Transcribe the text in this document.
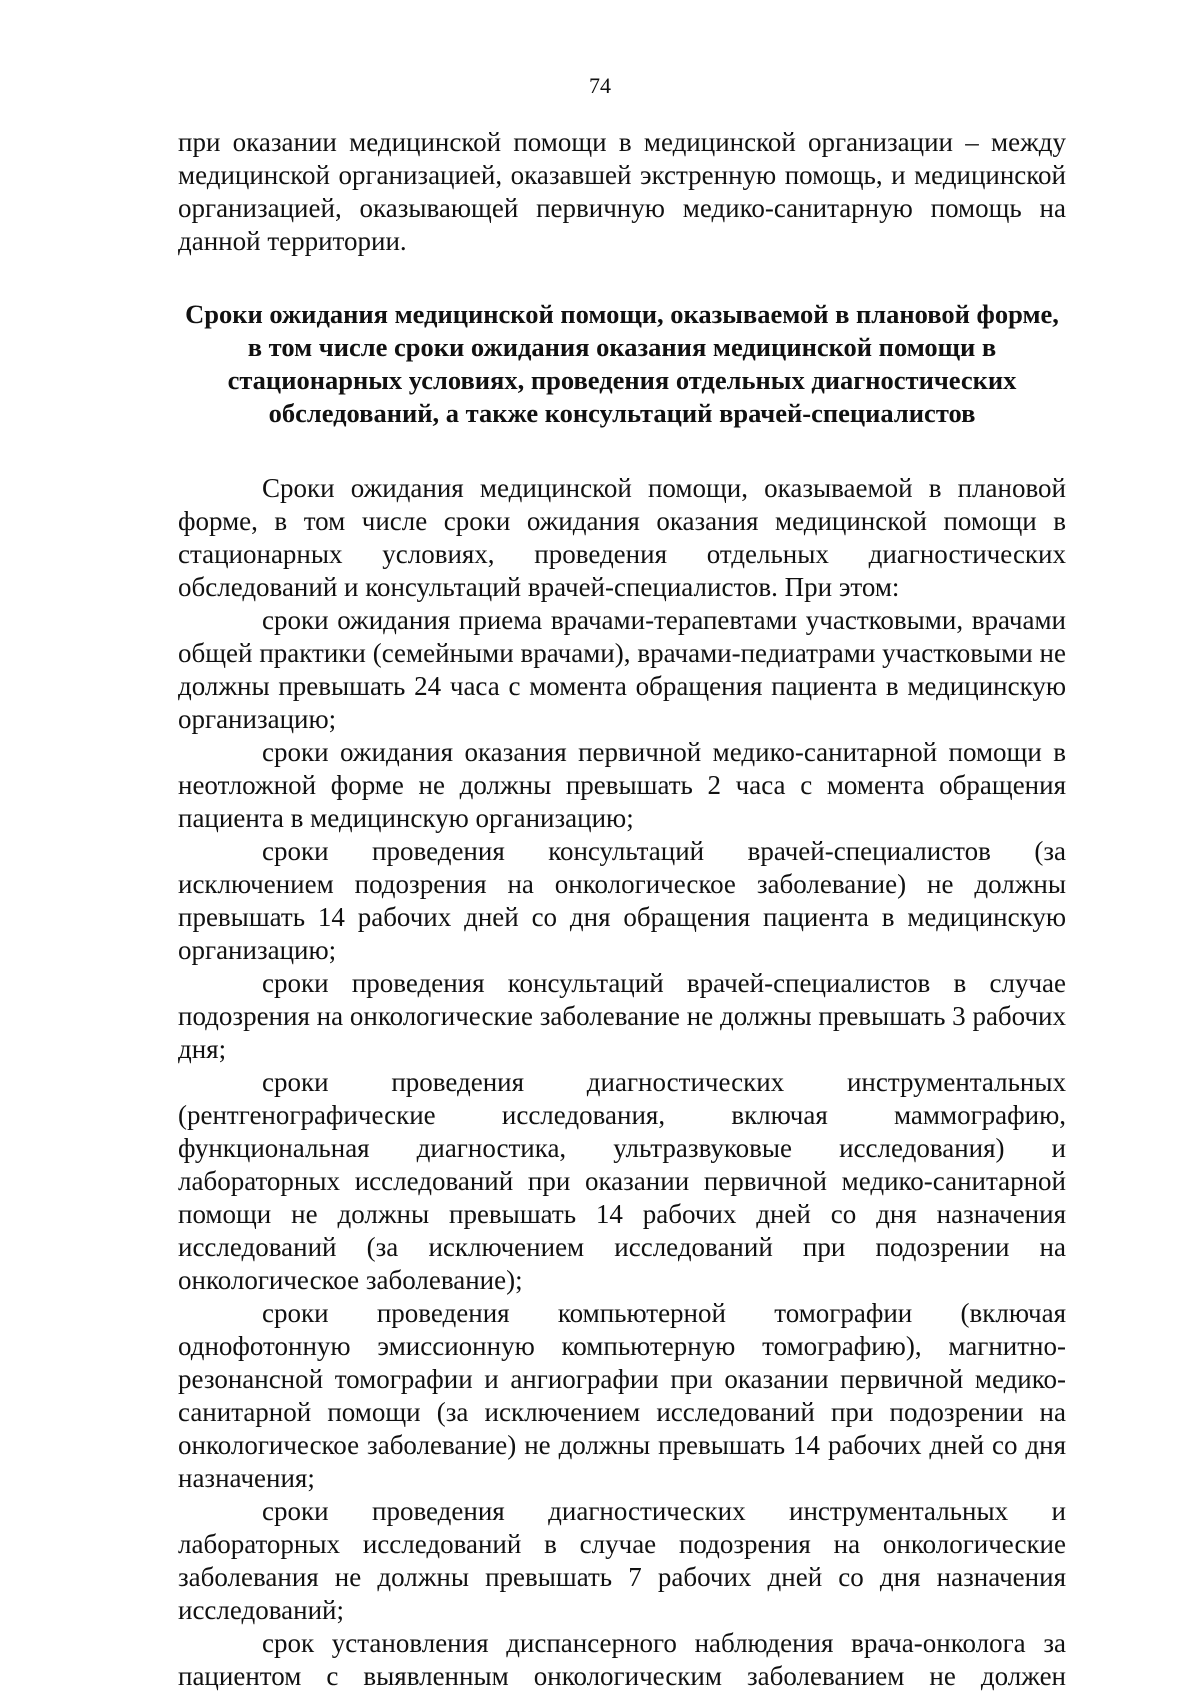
74

при оказании медицинской помощи в медицинской организации – между медицинской организацией, оказавшей экстренную помощь, и медицинской организацией, оказывающей первичную медико-санитарную помощь на данной территории.

Сроки ожидания медицинской помощи, оказываемой в плановой форме, в том числе сроки ожидания оказания медицинской помощи в стационарных условиях, проведения отдельных диагностических обследований, а также консультаций врачей-специалистов

Сроки ожидания медицинской помощи, оказываемой в плановой форме, в том числе сроки ожидания оказания медицинской помощи в стационарных условиях, проведения отдельных диагностических обследований и консультаций врачей-специалистов. При этом:

сроки ожидания приема врачами-терапевтами участковыми, врачами общей практики (семейными врачами), врачами-педиатрами участковыми не должны превышать 24 часа с момента обращения пациента в медицинскую организацию;

сроки ожидания оказания первичной медико-санитарной помощи в неотложной форме не должны превышать 2 часа с момента обращения пациента в медицинскую организацию;

сроки проведения консультаций врачей-специалистов (за исключением подозрения на онкологическое заболевание) не должны превышать 14 рабочих дней со дня обращения пациента в медицинскую организацию;

сроки проведения консультаций врачей-специалистов в случае подозрения на онкологические заболевание не должны превышать 3 рабочих дня;

сроки проведения диагностических инструментальных (рентгенографические исследования, включая маммографию, функциональная диагностика, ультразвуковые исследования) и лабораторных исследований при оказании первичной медико-санитарной помощи не должны превышать 14 рабочих дней со дня назначения исследований (за исключением исследований при подозрении на онкологическое заболевание);

сроки проведения компьютерной томографии (включая однофотонную эмиссионную компьютерную томографию), магнитно-резонансной томографии и ангиографии при оказании первичной медико-санитарной помощи (за исключением исследований при подозрении на онкологическое заболевание) не должны превышать 14 рабочих дней со дня назначения;

сроки проведения диагностических инструментальных и лабораторных исследований в случае подозрения на онкологические заболевания не должны превышать 7 рабочих дней со дня назначения исследований;

срок установления диспансерного наблюдения врача-онколога за пациентом с выявленным онкологическим заболеванием не должен
